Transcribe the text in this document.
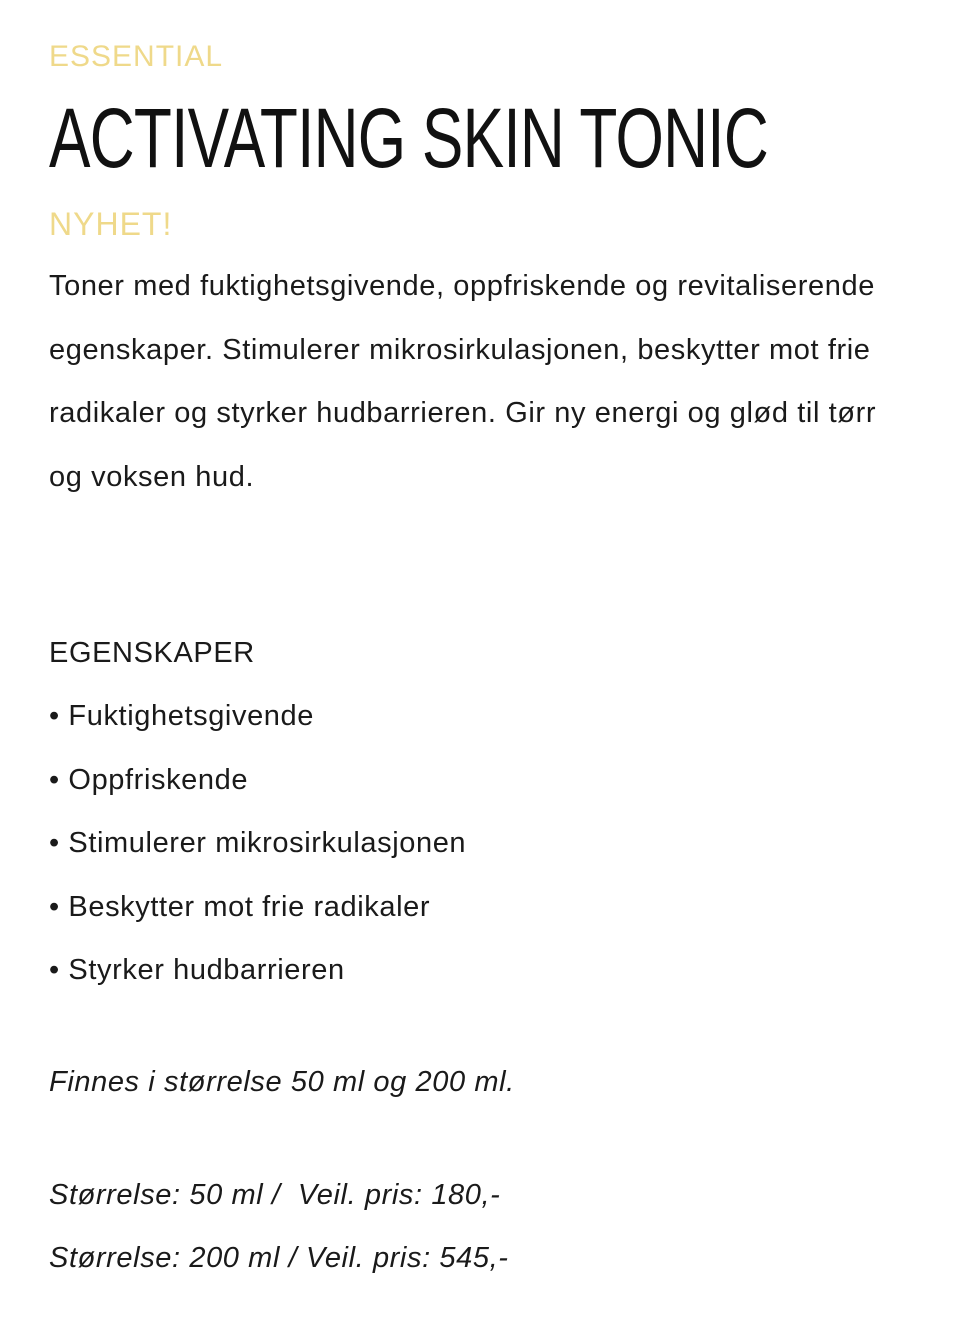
ESSENTIAL
ACTIVATING SKIN TONIC
NYHET!
Toner med fuktighetsgivende, oppfriskende og revitaliserende egenskaper. Stimulerer mikrosirkulasjonen, beskytter mot frie radikaler og styrker hudbarrieren. Gir ny energi og glød til tørr og voksen hud.
EGENSKAPER
• Fuktighetsgivende
• Oppfriskende
• Stimulerer mikrosirkulasjonen
• Beskytter mot frie radikaler
• Styrker hudbarrieren
Finnes i størrelse 50 ml og 200 ml.
Størrelse: 50 ml /  Veil. pris: 180,-
Størrelse: 200 ml / Veil. pris: 545,-
